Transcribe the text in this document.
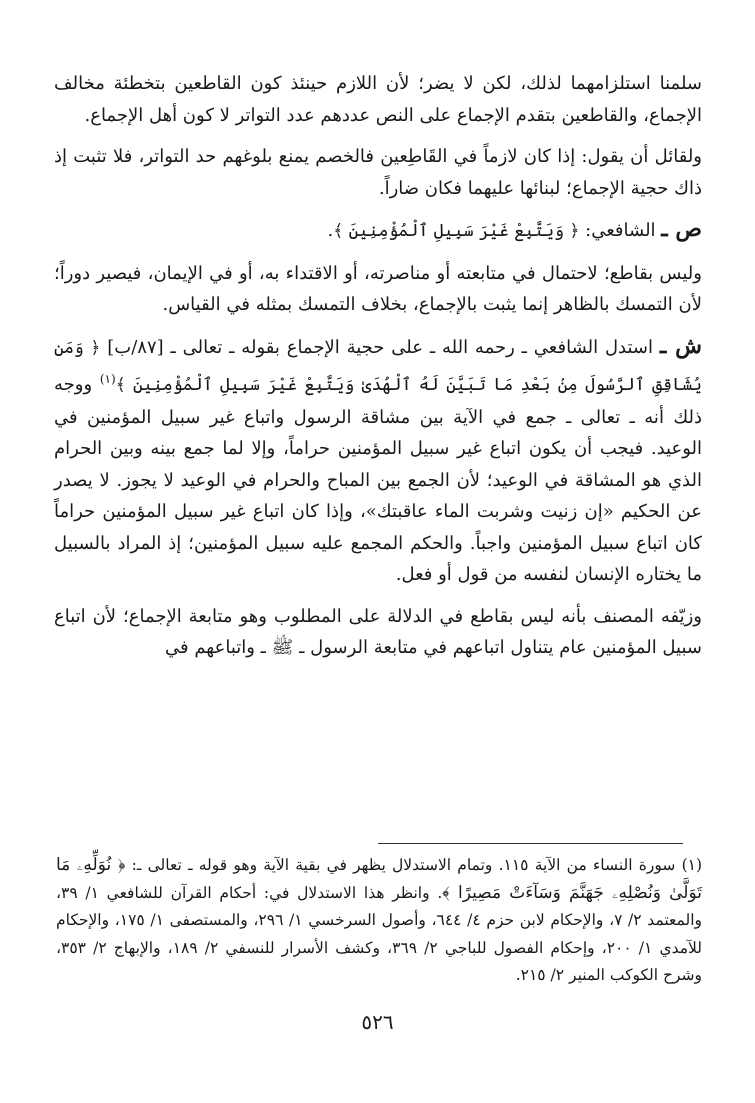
سلمنا استلزامهما لذلك، لكن لا يضر؛ لأن اللازم حينئذ كون القاطعين بتخطئة مخالف الإجماع، والقاطعين بتقدم الإجماع على النص عددهم عدد التواتر لا كون أهل الإجماع.

ولقائل أن يقول: إذا كان لازماً في القَاطِعين فالخصم يمنع بلوغهم حد التواتر، فلا تثبت إذ ذاك حجية الإجماع؛ لبنائها عليهما فكان ضاراً.

ص ـ الشافعي: ﴿ وَيَتَّبِعْ غَيْرَ سَبِيلِ ٱلْمُؤْمِنِينَ ﴾.

وليس بقاطع؛ لاحتمال في متابعته أو مناصرته، أو الاقتداء به، أو في الإيمان، فيصير دوراً؛ لأن التمسك بالظاهر إنما يثبت بالإجماع، بخلاف التمسك بمثله في القياس.

ش ـ استدل الشافعي ـ رحمه الله ـ على حجية الإجماع بقوله ـ تعالى ـ [٨٧/ب] ﴿ وَمَن يُشَاقِقِ ٱلرَّسُولَ مِنۢ بَعْدِ مَا تَبَيَّنَ لَهُ ٱلْهُدَىٰ وَيَتَّبِعْ غَيْرَ سَبِيلِ ٱلْمُؤْمِنِينَ ﴾$^{(١)}$ ووجه ذلك أنه ـ تعالى ـ جمع في الآية بين مشاقة الرسول واتباع غير سبيل المؤمنين في الوعيد. فيجب أن يكون اتباع غير سبيل المؤمنين حراماً، وإلا لما جمع بينه وبين الحرام الذي هو المشاقة في الوعيد؛ لأن الجمع بين المباح والحرام في الوعيد لا يجوز. لا يصدر عن الحكيم «إن زنيت وشربت الماء عاقبتك»، وإذا كان اتباع غير سبيل المؤمنين حراماً كان اتباع سبيل المؤمنين واجباً. والحكم المجمع عليه سبيل المؤمنين؛ إذ المراد بالسبيل ما يختاره الإنسان لنفسه من قول أو فعل.

وزيّفه المصنف بأنه ليس بقاطع في الدلالة على المطلوب وهو متابعة الإجماع؛ لأن اتباع سبيل المؤمنين عام يتناول اتباعهم في متابعة الرسول ـ ﷺ ـ واتباعهم في

(١) سورة النساء من الآية ١١٥. وتمام الاستدلال يظهر في بقية الآية وهو قوله ـ تعالى ـ: ﴿ نُوَلِّهِۦ مَا تَوَلَّىٰ وَنُصْلِهِۦ جَهَنَّمَ وَسَآءَتْ مَصِيرًا ﴾. وانظر هذا الاستدلال في: أحكام القرآن للشافعي ١/ ٣٩، والمعتمد ٢/ ٧، والإحكام لابن حزم ٤/ ٦٤٤، وأصول السرخسي ١/ ٢٩٦، والمستصفى ١/ ١٧٥، والإحكام للآمدي ١/ ٢٠٠، وإحكام الفصول للباجي ٢/ ٣٦٩، وكشف الأسرار للنسفي ٢/ ١٨٩، والإبهاج ٢/ ٣٥٣، وشرح الكوكب المنير ٢/ ٢١٥.
٥٢٦
